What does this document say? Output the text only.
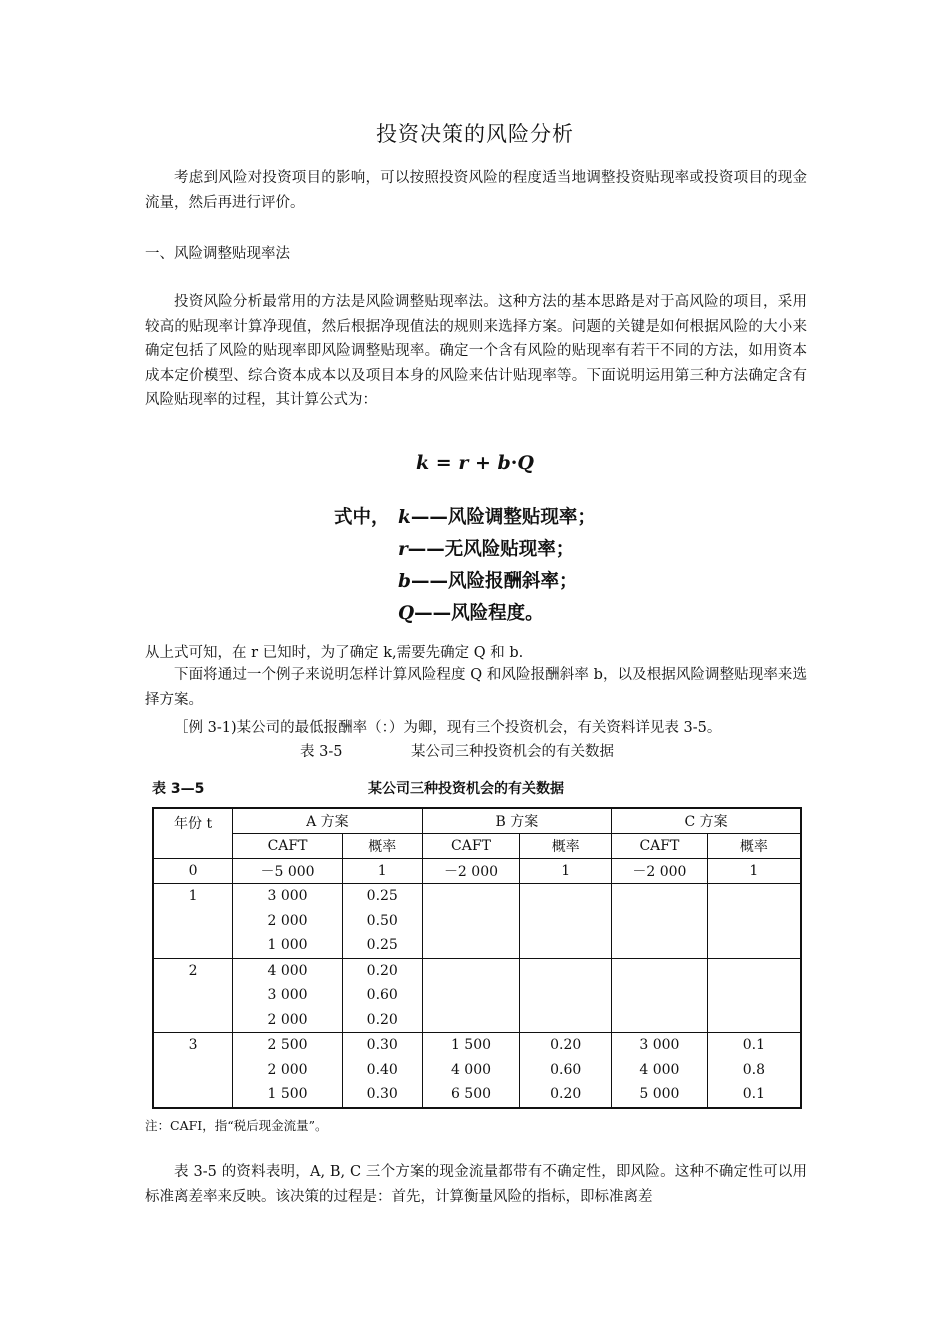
投资决策的风险分析

考虑到风险对投资项目的影响，可以按照投资风险的程度适当地调整投资贴现率或投资项目的现金流量，然后再进行评价。

一、风险调整贴现率法

投资风险分析最常用的方法是风险调整贴现率法。这种方法的基本思路是对于高风险的项目，采用较高的贴现率计算净现值，然后根据净现值法的规则来选择方案。问题的关键是如何根据风险的大小来确定包括了风险的贴现率即风险调整贴现率。确定一个含有风险的贴现率有若干不同的方法，如用资本成本定价模型、综合资本成本以及项目本身的风险来估计贴现率等。下面说明运用第三种方法确定含有风险贴现率的过程，其计算公式为：

k = r + b·Q
式中， k——风险调整贴现率；
r——无风险贴现率；
b——风险报酬斜率；
Q——风险程度。
从上式可知，在 r 已知时，为了确定 k,需要先确定 Q 和 b.

下面将通过一个例子来说明怎样计算风险程度 Q 和风险报酬斜率 b，以及根据风险调整贴现率来选择方案。

［例 3-1)某公司的最低报酬率（：）为卿，现有三个投资机会，有关资料详见表 3-5。
表 3-5	某公司三种投资机会的有关数据
表 3—5	某公司三种投资机会的有关数据
年份 t	A 方案		B 方案		C 方案	
	CAFT	概率	CAFT	概率	CAFT	概率
0	－5 000	1	－2 000	1	－2 000	1
1	3 000	0.25				
	2 000	0.50				
	1 000	0.25				
2	4 000	0.20				
	3 000	0.60				
	2 000	0.20				
3	2 500	0.30	1 500	0.20	3 000	0.1
	2 000	0.40	4 000	0.60	4 000	0.8
	1 500	0.30	6 500	0.20	5 000	0.1
注：CAFI，指“税后现金流量”。

表 3-5 的资料表明，A, B, C 三个方案的现金流量都带有不确定性，即风险。这种不确定性可以用标准离差率来反映。该决策的过程是：首先，计算衡量风险的指标，即标准离差
